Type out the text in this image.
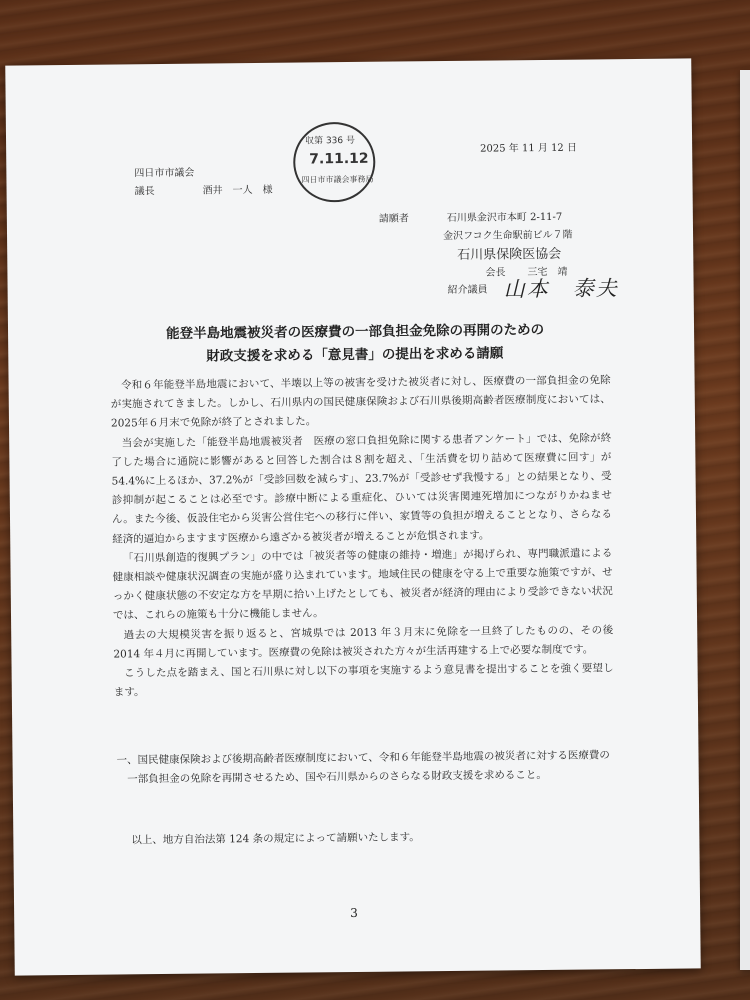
四日市市議会
議長	酒井　一人　様
収第 336 号
7.11.12
四日市市議会事務局
2025 年 11 月 12 日
請願者	石川県金沢市本町 2-11-7
金沢フコク生命駅前ビル７階
石川県保険医協会
会長 三宅　靖
紹介議員 山本　泰夫
能登半島地震被災者の医療費の一部負担金免除の再開のための
財政支援を求める「意見書」の提出を求める請願

令和６年能登半島地震において、半壊以上等の被害を受けた被災者に対し、医療費の一部負担金の免除が実施されてきました。しかし、石川県内の国民健康保険および石川県後期高齢者医療制度においては、2025年６月末で免除が終了とされました。

当会が実施した「能登半島地震被災者　医療の窓口負担免除に関する患者アンケート」では、免除が終了した場合に通院に影響があると回答した割合は８割を超え、「生活費を切り詰めて医療費に回す」が 54.4%に上るほか、37.2%が「受診回数を減らす」、23.7%が「受診せず我慢する」との結果となり、受診抑制が起こることは必至です。診療中断による重症化、ひいては災害関連死増加につながりかねません。また今後、仮設住宅から災害公営住宅への移行に伴い、家賃等の負担が増えることとなり、さらなる経済的逼迫からますます医療から遠ざかる被災者が増えることが危惧されます。

「石川県創造的復興プラン」の中では「被災者等の健康の維持・増進」が掲げられ、専門職派遣による健康相談や健康状況調査の実施が盛り込まれています。地域住民の健康を守る上で重要な施策ですが、せっかく健康状態の不安定な方を早期に拾い上げたとしても、被災者が経済的理由により受診できない状況では、これらの施策も十分に機能しません。

過去の大規模災害を振り返ると、宮城県では 2013 年３月末に免除を一旦終了したものの、その後 2014 年４月に再開しています。医療費の免除は被災された方々が生活再建する上で必要な制度です。

こうした点を踏まえ、国と石川県に対し以下の事項を実施するよう意見書を提出することを強く要望します。

一、国民健康保険および後期高齢者医療制度において、令和６年能登半島地震の被災者に対する医療費の一部負担金の免除を再開させるため、国や石川県からのさらなる財政支援を求めること。
以上、地方自治法第 124 条の規定によって請願いたします。
3
